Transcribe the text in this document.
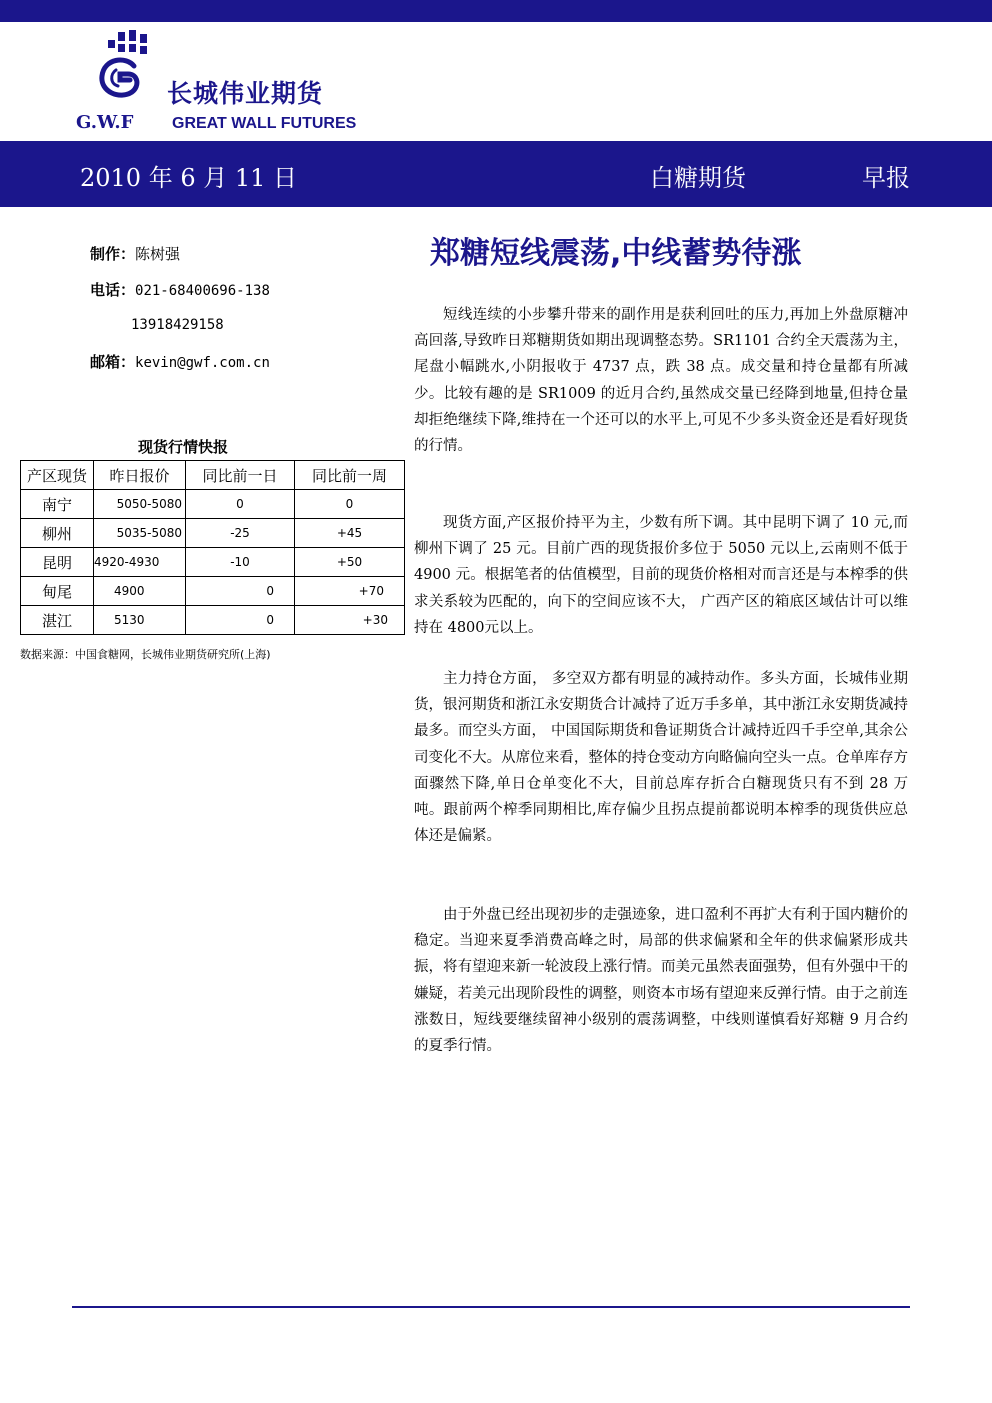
长城伟业期货
G.W.F GREAT WALL FUTURES
2010 年 6 月 11 日	白糖期货	早报
制作：陈树强
电话：021-68400696-138
13918429158
邮箱：kevin@gwf.com.cn
现货行情快报
产区现货	昨日报价	同比前一日	同比前一周
南宁	5050-5080	0	0
柳州	5035-5080	-25	+45
昆明	4920-4930	-10	+50
甸尾	4900	0	+70
湛江	5130	0	+30
数据来源：中国食糖网，长城伟业期货研究所(上海)
郑糖短线震荡,中线蓄势待涨

短线连续的小步攀升带来的副作用是获利回吐的压力,再加上外盘原糖冲高回落,导致昨日郑糖期货如期出现调整态势。SR1101 合约全天震荡为主，尾盘小幅跳水,小阴报收于 4737 点，跌 38 点。成交量和持仓量都有所减少。比较有趣的是 SR1009 的近月合约,虽然成交量已经降到地量,但持仓量却拒绝继续下降,维持在一个还可以的水平上,可见不少多头资金还是看好现货的行情。

现货方面,产区报价持平为主，少数有所下调。其中昆明下调了 10 元,而柳州下调了 25 元。目前广西的现货报价多位于 5050 元以上,云南则不低于 4900 元。根据笔者的估值模型，目前的现货价格相对而言还是与本榨季的供求关系较为匹配的，向下的空间应该不大， 广西产区的箱底区域估计可以维持在 4800元以上。

主力持仓方面， 多空双方都有明显的减持动作。多头方面，长城伟业期货，银河期货和浙江永安期货合计减持了近万手多单，其中浙江永安期货减持最多。而空头方面， 中国国际期货和鲁证期货合计减持近四千手空单,其余公司变化不大。从席位来看，整体的持仓变动方向略偏向空头一点。仓单库存方面骤然下降,单日仓单变化不大，目前总库存折合白糖现货只有不到 28 万吨。跟前两个榨季同期相比,库存偏少且拐点提前都说明本榨季的现货供应总体还是偏紧。

由于外盘已经出现初步的走强迹象，进口盈利不再扩大有利于国内糖价的稳定。当迎来夏季消费高峰之时，局部的供求偏紧和全年的供求偏紧形成共振，将有望迎来新一轮波段上涨行情。而美元虽然表面强势，但有外强中干的嫌疑，若美元出现阶段性的调整，则资本市场有望迎来反弹行情。由于之前连涨数日，短线要继续留神小级别的震荡调整，中线则谨慎看好郑糖 9 月合约的夏季行情。
